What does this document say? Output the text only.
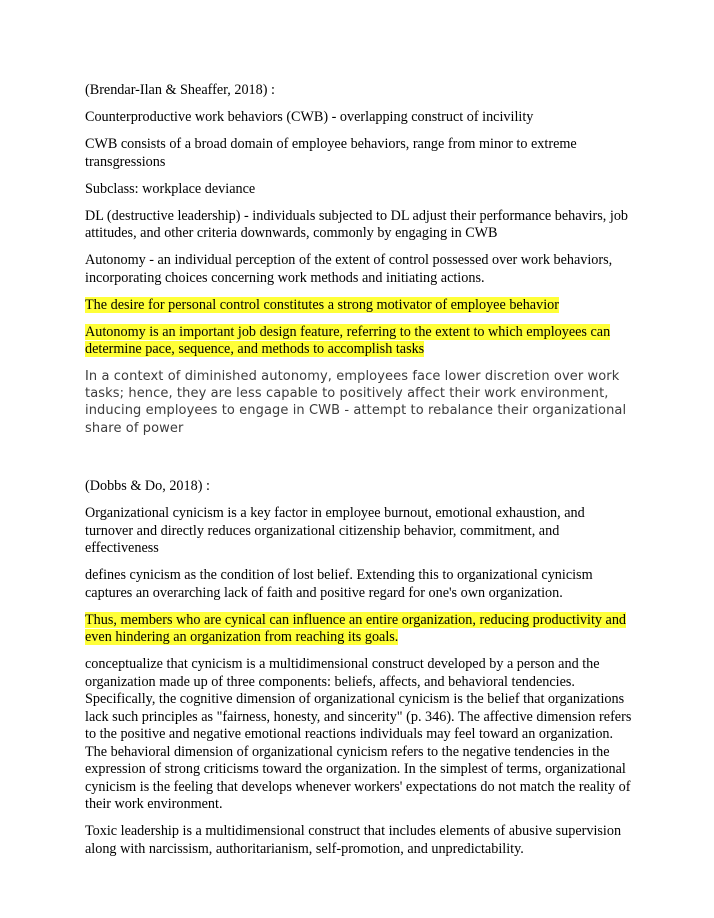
(Brendar-Ilan & Sheaffer, 2018) :

Counterproductive work behaviors (CWB) - overlapping construct of incivility

CWB consists of a broad domain of employee behaviors, range from minor to extreme transgressions

Subclass: workplace deviance

DL (destructive leadership) - individuals subjected to DL adjust their performance behavirs, job attitudes, and other criteria downwards, commonly by engaging in CWB

Autonomy - an individual perception of the extent of control possessed over work behaviors, incorporating choices concerning work methods and initiating actions.

The desire for personal control constitutes a strong motivator of employee behavior

Autonomy is an important job design feature, referring to the extent to which employees can determine pace, sequence, and methods to accomplish tasks

In a context of diminished autonomy, employees face lower discretion over work tasks; hence, they are less capable to positively affect their work environment, inducing employees to engage in CWB - attempt to rebalance their organizational share of power

(Dobbs & Do, 2018) :

Organizational cynicism is a key factor in employee burnout, emotional exhaustion, and turnover and directly reduces organizational citizenship behavior, commitment, and effectiveness

defines cynicism as the condition of lost belief. Extending this to organizational cynicism captures an overarching lack of faith and positive regard for one's own organization.

Thus, members who are cynical can influence an entire organization, reducing productivity and even hindering an organization from reaching its goals.

conceptualize that cynicism is a multidimensional construct developed by a person and the organization made up of three components: beliefs, affects, and behavioral tendencies. Specifically, the cognitive dimension of organizational cynicism is the belief that organizations lack such principles as "fairness, honesty, and sincerity" (p. 346). The affective dimension refers to the positive and negative emotional reactions individuals may feel toward an organization. The behavioral dimension of organizational cynicism refers to the negative tendencies in the expression of strong criticisms toward the organization. In the simplest of terms, organizational cynicism is the feeling that develops whenever workers' expectations do not match the reality of their work environment.

Toxic leadership is a multidimensional construct that includes elements of abusive supervision along with narcissism, authoritarianism, self-promotion, and unpredictability.
